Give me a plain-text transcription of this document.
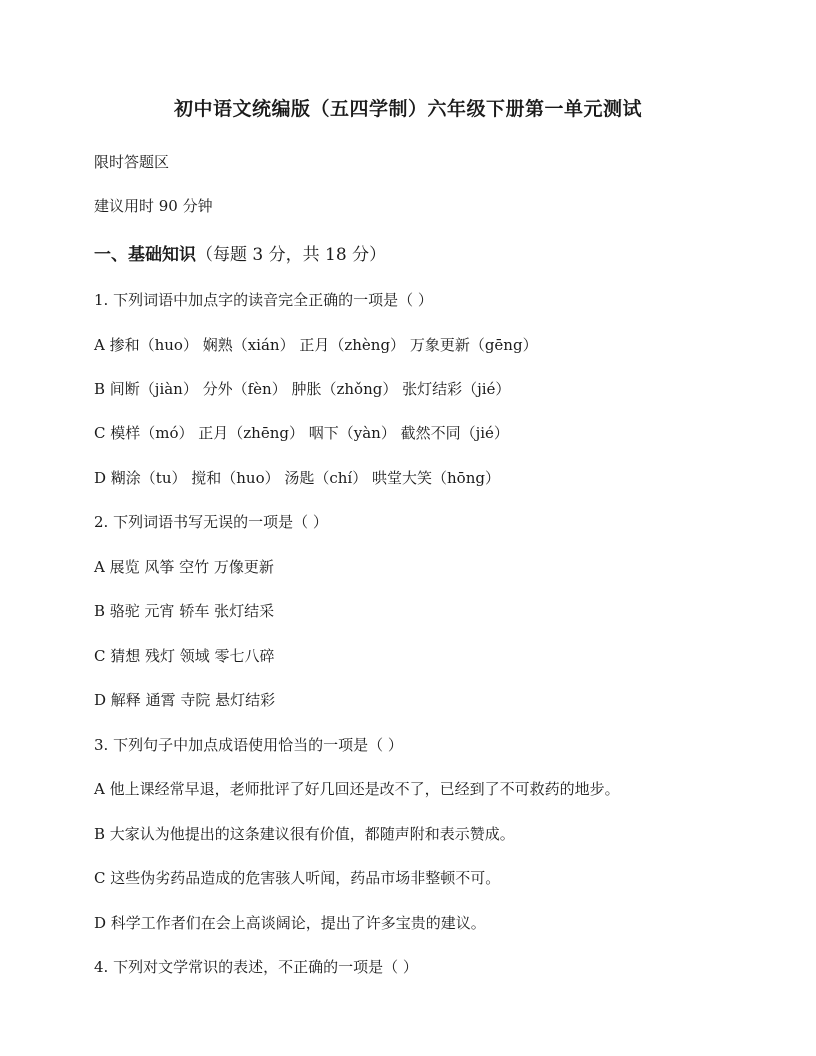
初中语文统编版（五四学制）六年级下册第一单元测试
限时答题区
建议用时 90 分钟
一、基础知识（每题 3 分，共 18 分）
1. 下列词语中加点字的读音完全正确的一项是（ ）
A 掺和（huo） 娴熟（xián） 正月（zhèng） 万象更新（gēng）
B 间断（jiàn） 分外（fèn） 肿胀（zhǒng） 张灯结彩（jié）
C 模样（mó） 正月（zhēng） 咽下（yàn） 截然不同（jié）
D 糊涂（tu） 搅和（huo） 汤匙（chí） 哄堂大笑（hōng）
2. 下列词语书写无误的一项是（ ）
A 展览 风筝 空竹 万像更新
B 骆驼 元宵 轿车 张灯结采
C 猜想 残灯 领域 零七八碎
D 解释 通霄 寺院 悬灯结彩
3. 下列句子中加点成语使用恰当的一项是（ ）
A 他上课经常早退，老师批评了好几回还是改不了，已经到了不可救药的地步。
B 大家认为他提出的这条建议很有价值，都随声附和表示赞成。
C 这些伪劣药品造成的危害骇人听闻，药品市场非整顿不可。
D 科学工作者们在会上高谈阔论，提出了许多宝贵的建议。
4. 下列对文学常识的表述，不正确的一项是（ ）
